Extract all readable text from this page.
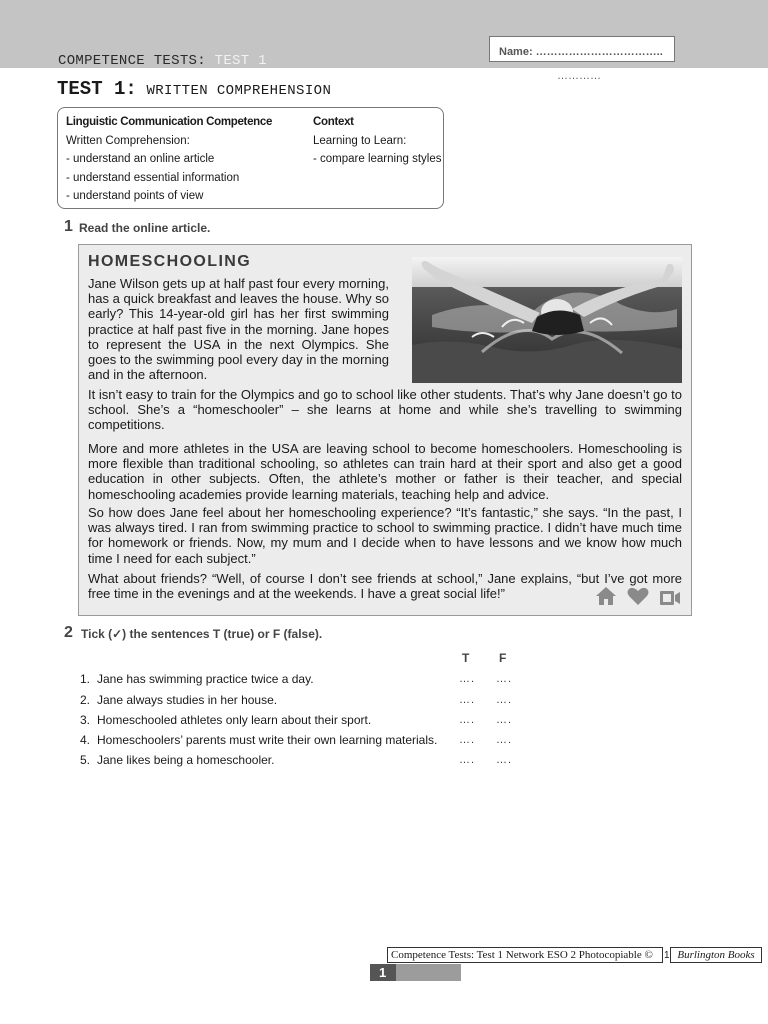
COMPETENCE TESTS: TEST 1
Name: ……………………………..
…………
TEST 1: WRITTEN COMPREHENSION
Linguistic Communication Competence
Written Comprehension:
- understand an online article
- understand essential information
- understand points of view
Context
Learning to Learn:
- compare learning styles
1 Read the online article.
HOMESCHOOLING

Jane Wilson gets up at half past four every morning, has a quick breakfast and leaves the house. Why so early? This 14-year-old girl has her first swimming practice at half past five in the morning. Jane hopes to represent the USA in the next Olympics. She goes to the swimming pool every day in the morning and in the afternoon.

It isn’t easy to train for the Olympics and go to school like other students. That’s why Jane doesn’t go to school. She’s a “homeschooler” – she learns at home and while she’s travelling to swimming competitions.

More and more athletes in the USA are leaving school to become homeschoolers. Homeschooling is more flexible than traditional schooling, so athletes can train hard at their sport and also get a good education in other subjects. Often, the athlete’s mother or father is their teacher, and special homeschooling academies provide learning materials, teaching help and advice.

So how does Jane feel about her homeschooling experience? “It’s fantastic,” she says. “In the past, I was always tired. I ran from swimming practice to school to swimming practice. I didn’t have much time for homework or friends. Now, my mum and I decide when to have lessons and we know how much time I need for each subject.”

What about friends? “Well, of course I don’t see friends at school,” Jane explains, “but I’ve got more free time in the evenings and at the weekends. I have a great social life!”

2 Tick (✓) the sentences T (true) or F (false).
T F
1. Jane has swimming practice twice a day.
2. Jane always studies in her house.
3. Homeschooled athletes only learn about their sport.
4. Homeschoolers’ parents must write their own learning materials.
5. Jane likes being a homeschooler.
…. ….
…. ….
…. ….
…. ….
…. ….
Competence Tests: Test 1 Network ESO 2 Photocopiable ©	1 Burlington Books
1
